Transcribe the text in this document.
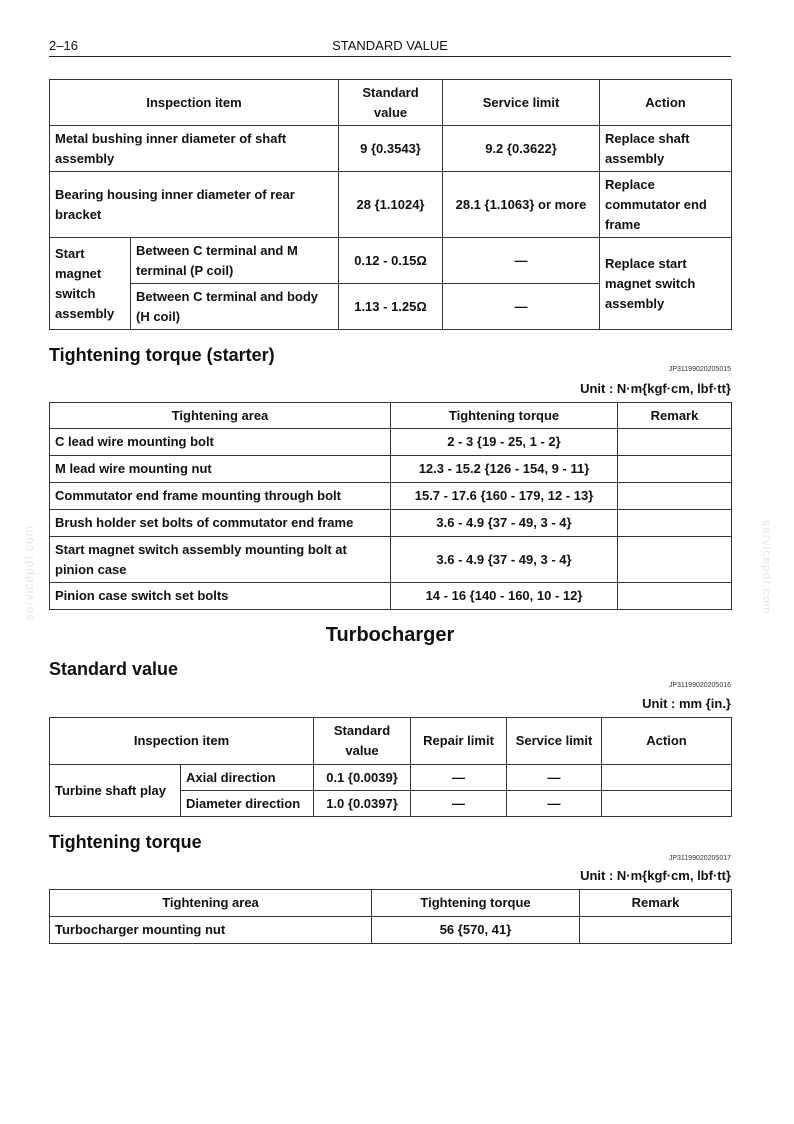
2–16	STANDARD VALUE
Inspection item		Standard value	Service limit	Action
Metal bushing inner diameter of shaft assembly		9 {0.3543}	9.2 {0.3622}	Replace shaft assembly
Bearing housing inner diameter of rear bracket		28 {1.1024}	28.1 {1.1063} or more	Replace commutator end frame
Start magnet switch assembly	Between C terminal and M terminal (P coil)	0.12 - 0.15Ω	—	Replace start magnet switch assembly
	Between C terminal and body (H coil)	1.13 - 1.25Ω	—	
Tightening torque (starter)
JP31199020205015
Unit : N·m{kgf·cm, lbf·tt}
Tightening area	Tightening torque	Remark
C lead wire mounting bolt	2 - 3 {19 - 25, 1 - 2}	
M lead wire mounting nut	12.3 - 15.2 {126 - 154, 9 - 11}	
Commutator end frame mounting through bolt	15.7 - 17.6 {160 - 179, 12 - 13}	
Brush holder set bolts of commutator end frame	3.6 - 4.9 {37 - 49, 3 - 4}	
Start magnet switch assembly mounting bolt at pinion case	3.6 - 4.9 {37 - 49, 3 - 4}	
Pinion case switch set bolts	14 - 16 {140 - 160, 10 - 12}	
Turbocharger
Standard value
JP31199020205016
Unit : mm {in.}
Inspection item		Standard value	Repair limit	Service limit	Action
Turbine shaft play	Axial direction	0.1 {0.0039}	—	—	
	Diameter direction	1.0 {0.0397}	—	—	
Tightening torque
JP31199020205017
Unit : N·m{kgf·cm, lbf·tt}
Tightening area	Tightening torque	Remark
Turbocharger mounting nut	56 {570, 41}	
servicepdf.com	servicepdf.com
